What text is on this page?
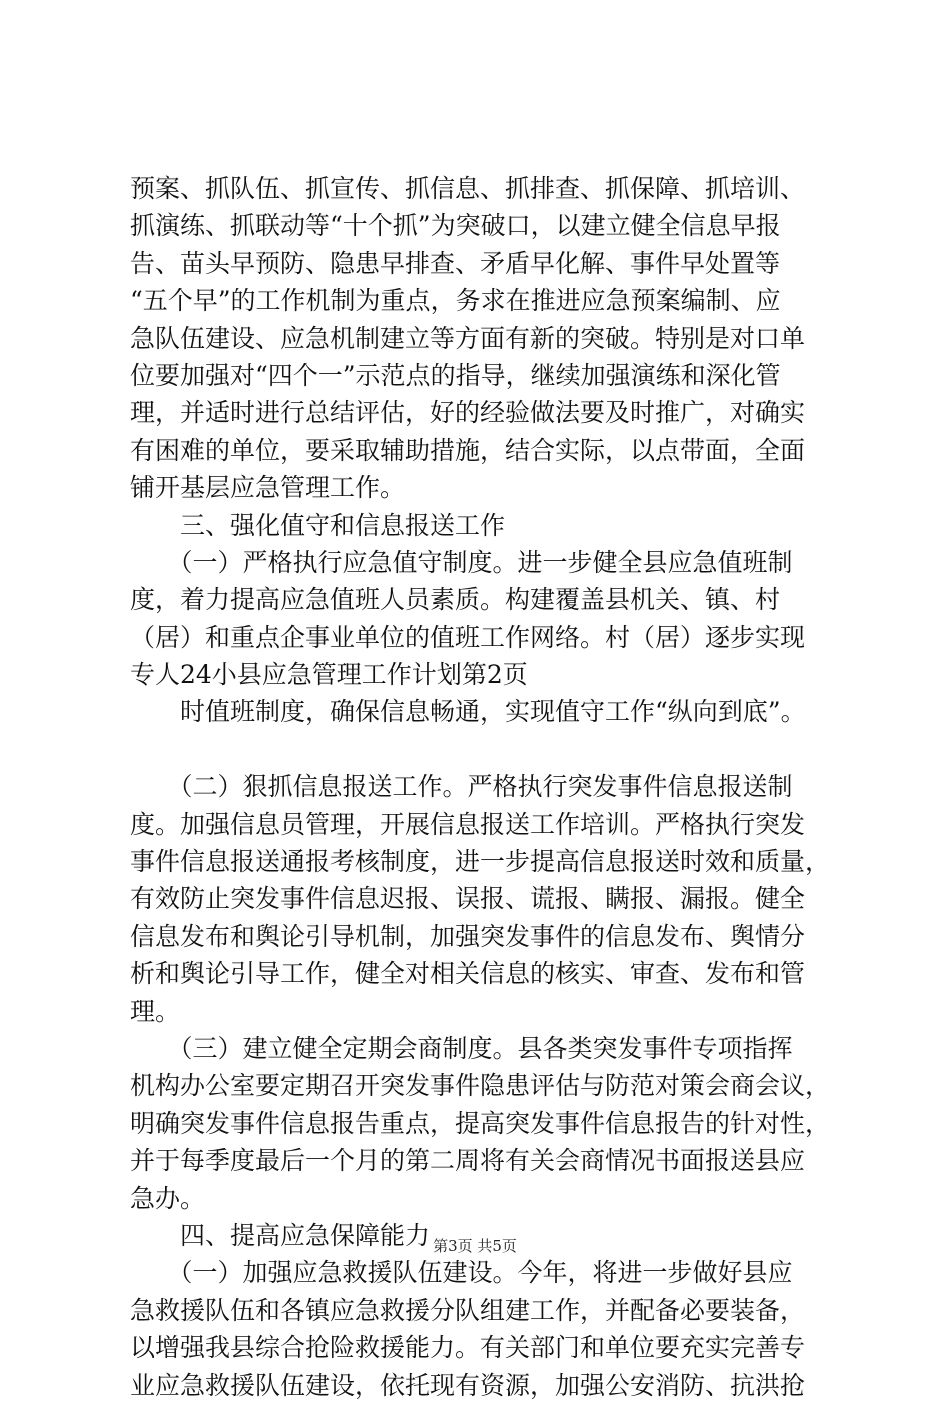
预案、抓队伍、抓宣传、抓信息、抓排查、抓保障、抓培训、
抓演练、抓联动等“十个抓”为突破口，以建立健全信息早报
告、苗头早预防、隐患早排查、矛盾早化解、事件早处置等
“五个早”的工作机制为重点，务求在推进应急预案编制、应
急队伍建设、应急机制建立等方面有新的突破。特别是对口单
位要加强对“四个一”示范点的指导，继续加强演练和深化管
理，并适时进行总结评估，好的经验做法要及时推广，对确实
有困难的单位，要采取辅助措施，结合实际，以点带面，全面
铺开基层应急管理工作。
　　三、强化值守和信息报送工作
　　（一）严格执行应急值守制度。进一步健全县应急值班制
度，着力提高应急值班人员素质。构建覆盖县机关、镇、村
（居）和重点企事业单位的值班工作网络。村（居）逐步实现
专人24小县应急管理工作计划第2页
　　时值班制度，确保信息畅通，实现值守工作“纵向到底”。
　　（二）狠抓信息报送工作。严格执行突发事件信息报送制
度。加强信息员管理，开展信息报送工作培训。严格执行突发
事件信息报送通报考核制度，进一步提高信息报送时效和质量，
有效防止突发事件信息迟报、误报、谎报、瞒报、漏报。健全
信息发布和舆论引导机制，加强突发事件的信息发布、舆情分
析和舆论引导工作，健全对相关信息的核实、审查、发布和管
理。
　　（三）建立健全定期会商制度。县各类突发事件专项指挥
机构办公室要定期召开突发事件隐患评估与防范对策会商会议，
明确突发事件信息报告重点，提高突发事件信息报告的针对性，
并于每季度最后一个月的第二周将有关会商情况书面报送县应
急办。
　　四、提高应急保障能力
　　（一）加强应急救援队伍建设。今年，将进一步做好县应
急救援队伍和各镇应急救援分队组建工作，并配备必要装备，
以增强我县综合抢险救援能力。有关部门和单位要充实完善专
业应急救援队伍建设，依托现有资源，加强公安消防、抗洪抢
第3页 共5页
